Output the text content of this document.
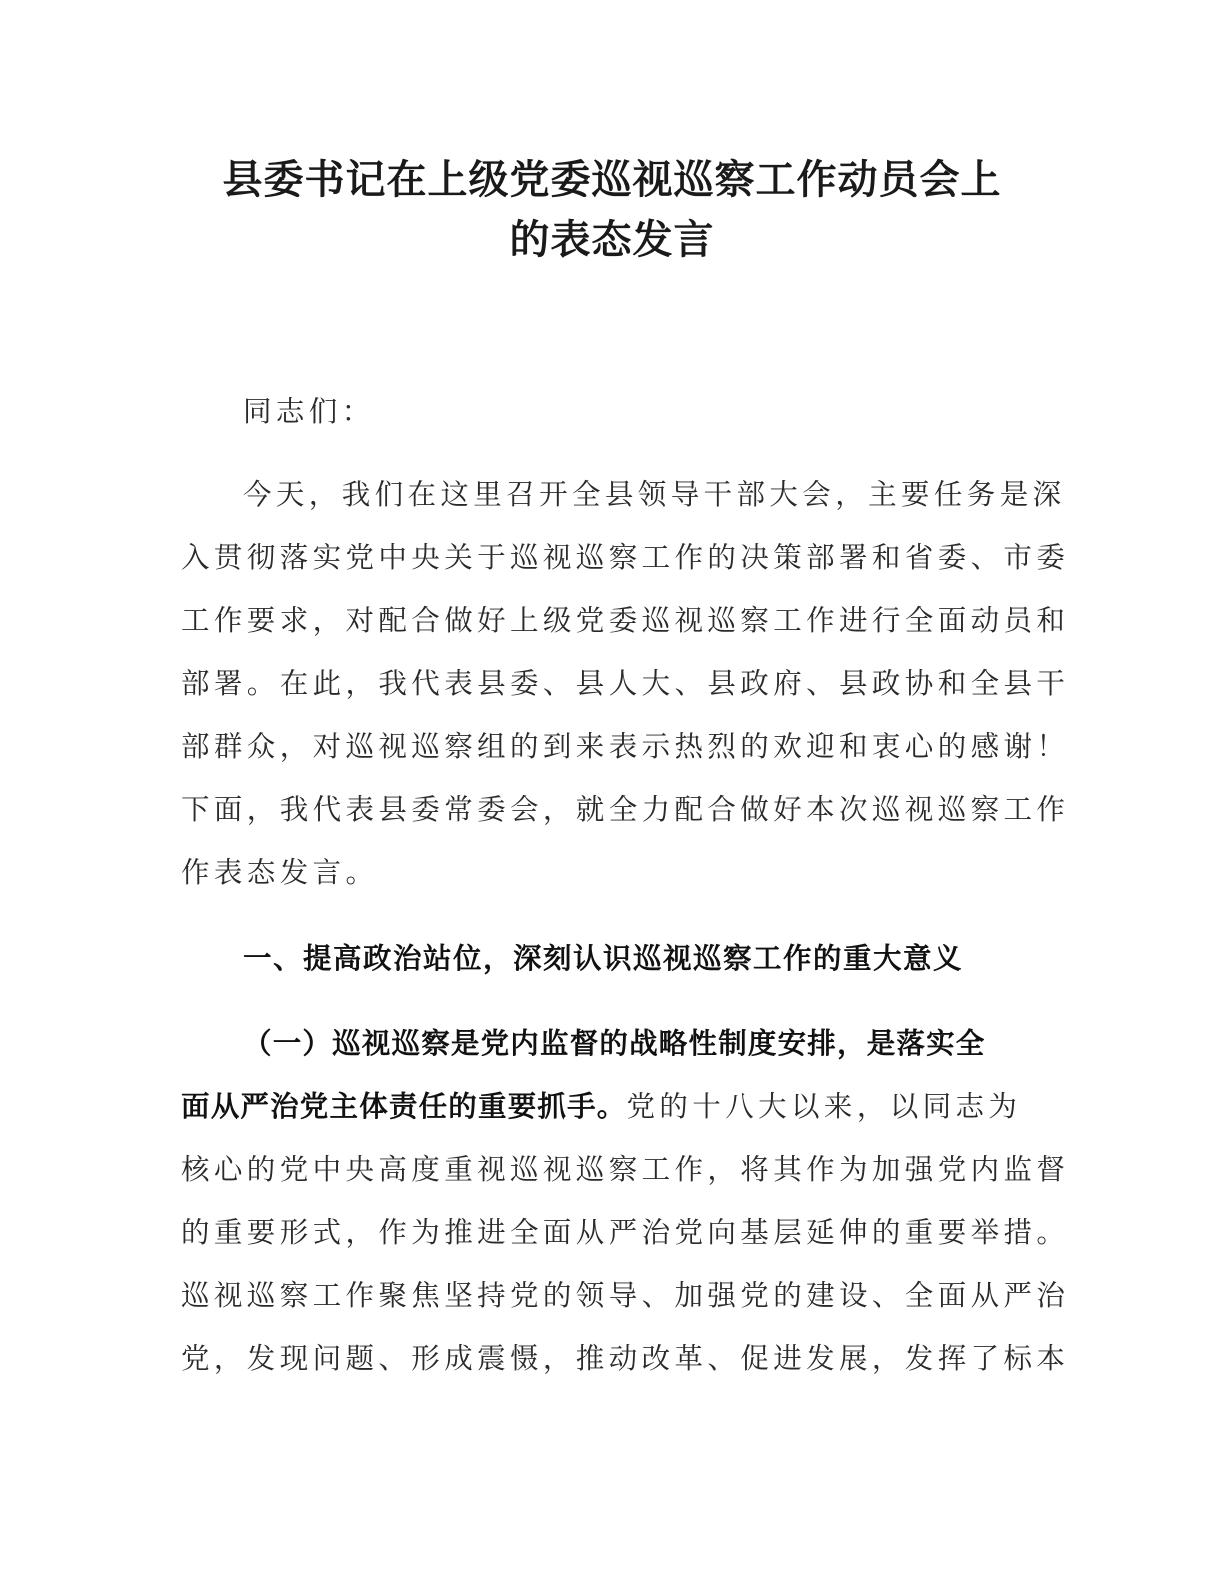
县委书记在上级党委巡视巡察工作动员会上
的表态发言
同志们：
今天，我们在这里召开全县领导干部大会，主要任务是深
入贯彻落实党中央关于巡视巡察工作的决策部署和省委、市委
工作要求，对配合做好上级党委巡视巡察工作进行全面动员和
部署。在此，我代表县委、县人大、县政府、县政协和全县干
部群众，对巡视巡察组的到来表示热烈的欢迎和衷心的感谢！
下面，我代表县委常委会，就全力配合做好本次巡视巡察工作
作表态发言。
一、提高政治站位，深刻认识巡视巡察工作的重大意义
（一）巡视巡察是党内监督的战略性制度安排，是落实全
面从严治党主体责任的重要抓手。党的十八大以来，以同志为
核心的党中央高度重视巡视巡察工作，将其作为加强党内监督
的重要形式，作为推进全面从严治党向基层延伸的重要举措。
巡视巡察工作聚焦坚持党的领导、加强党的建设、全面从严治
党，发现问题、形成震慑，推动改革、促进发展，发挥了标本
